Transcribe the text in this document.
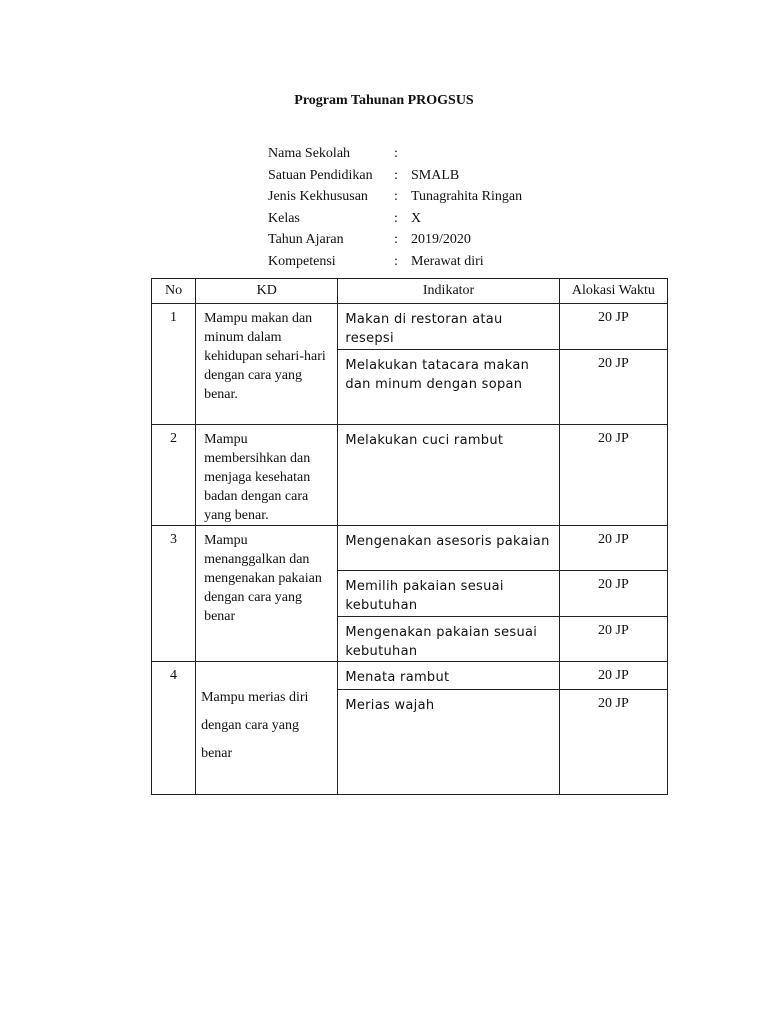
Program Tahunan PROGSUS
Nama Sekolah	:
Satuan Pendidikan : SMALB
Jenis Kekhususan : Tunagrahita Ringan
Kelas	: X
Tahun Ajaran	: 2019/2020
Kompetensi	: Merawat diri
No	KD	Indikator	Alokasi Waktu
1	Mampu makan dan minum dalam kehidupan sehari-hari dengan cara yang benar.	Makan di restoran atau resepsi	20 JP
		Melakukan tatacara makan dan minum dengan sopan	20 JP
2	Mampu membersihkan dan menjaga kesehatan badan dengan cara yang benar.	Melakukan cuci rambut	20 JP
3	Mampu menanggalkan dan mengenakan pakaian dengan cara yang benar	Mengenakan asesoris pakaian	20 JP
		Memilih pakaian sesuai kebutuhan	20 JP
		Mengenakan pakaian sesuai kebutuhan	20 JP
4	Mampu merias diri dengan cara yang benar	Menata rambut	20 JP
		Merias wajah	20 JP
